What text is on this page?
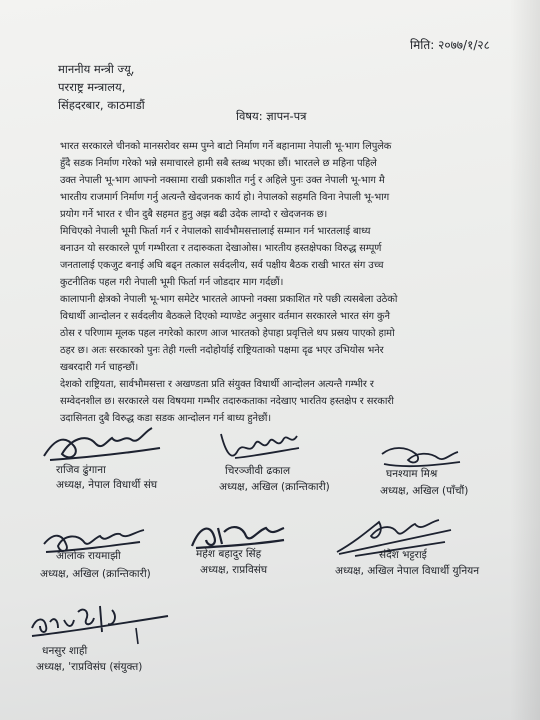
मिति: २०७७/१/२८
माननीय मन्त्री ज्यू,
परराष्ट्र मन्त्रालय,
सिंहदरबार, काठमाडौं
विषय: ज्ञापन-पत्र
भारत सरकारले चीनको मानसरोवर सम्म पुग्ने बाटो निर्माण गर्ने बहानामा नेपाली भू-भाग लिपुलेक
हुँदै सडक निर्माण गरेको भन्ने समाचारले हामी सबै स्तब्ध भएका छौं। भारतले छ महिना पहिले
उक्त नेपाली भू-भाग आफ्नो नक्सामा राखी प्रकाशीत गर्नु र अहिले पुनः उक्त नेपाली भू-भाग मै
भारतीय राजमार्ग निर्माण गर्नु अत्यन्तै खेदजनक कार्य हो। नेपालको सहमति विना नेपाली भू-भाग
प्रयोग गर्ने भारत र चीन दुबै सहमत हुनु अझ बढी उदेक लाग्दो र खेदजनक छ।
मिचिएको नेपाली भूमी फिर्ता गर्न र नेपालको सार्वभौमसत्तालाई सम्मान गर्न भारतलाई बाध्य
बनाउन यो सरकारले पूर्ण गम्भीरता र तदारुकता देखाओस। भारतीय हस्तक्षेपका विरुद्ध सम्पूर्ण
जनतालाई एकजुट बनाई अघि बढ्न तत्काल सर्वदलीय, सर्व पक्षीय बैठक राखी भारत संग उच्च
कुटनीतिक पहल गरी नेपाली भूमी फिर्ता गर्न जोडदार माग गर्दछौं।
कालापानी क्षेत्रको नेपाली भू-भाग समेटेर भारतले आफ्नो नक्सा प्रकाशित गरे पछी त्यसबेला उठेको
विधार्थी आन्दोलन र सर्वदलीय बैठकले दिएको म्याण्डेट अनुसार वर्तमान सरकारले भारत संग कुनै
ठोस र परिणाम मूलक पहल नगरेको कारण आज भारतको हेपाहा प्रवृत्तिले थप प्रस्रय पाएको हामो
ठहर छ। अतः सरकारको पुनः तेही गल्ती नदोहोर्याई राष्ट्रियताको पक्षमा दृढ भएर उभियोस भनेर
खबरदारी गर्न चाहन्छौं।
देशको राष्ट्रियता, सार्वभौमसत्ता र अखण्डता प्रति संयुक्त विधार्थी आन्दोलन अत्यन्तै गम्भीर र
सम्वेदनशील छ। सरकारले यस विषयमा गम्भीर तदारुकताका नदेखाए भारतिय हस्तक्षेप र सरकारी
उदासिनता दुबै विरुद्ध कडा सडक आन्दोलन गर्न बाध्य हुनेछौं।
राजिव ढुंगाना
अध्यक्ष, नेपाल विधार्थी संघ
चिरञ्जीवी ढकाल
अध्यक्ष, अखिल (क्रान्तिकारी)
घनश्याम मिश्र
अध्यक्ष, अखिल (पाँचौं)
आलोक रायमाझी
अध्यक्ष, अखिल (क्रान्तिकारी)
महेश बहादुर सिंह
अध्यक्ष, राप्रविसंघ
संदेश भट्टराई
अध्यक्ष, अखिल नेपाल विधार्थी युनियन
धनसुर शाही
अध्यक्ष, 'राप्रविसंघ (संयुक्त)
